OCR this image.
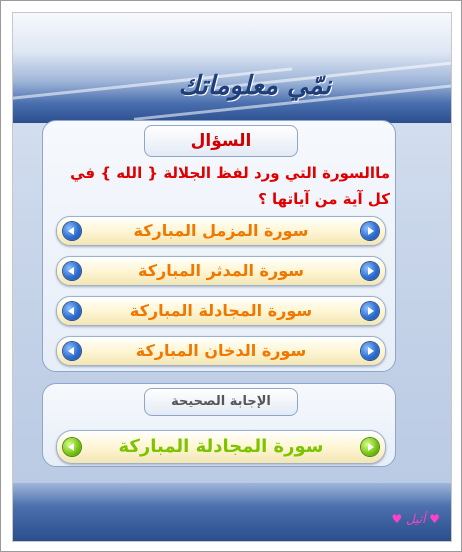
نمّي معلوماتك
السؤال
ماالسورة التي ورد لفظ الجلالة { الله } في كل آية من آياتها ؟
سورة المزمل المباركة
سورة المدثر المباركة
سورة المجادلة المباركة
سورة الدخان المباركة
الإجابة الصحيحة
سورة المجادلة المباركة
♥ أثيل ♥
